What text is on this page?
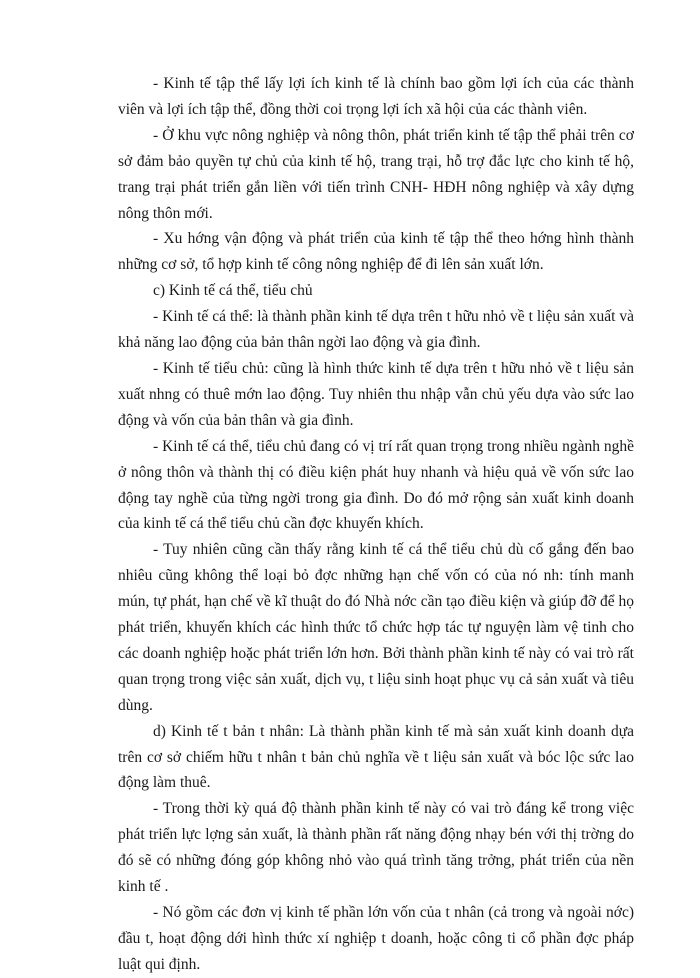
- Kinh tế tập thể lấy lợi ích kinh tế là chính bao gồm lợi ích của các thành viên và lợi ích tập thể, đồng thời coi trọng lợi ích xã hội của các thành viên.

- Ở khu vực nông nghiệp và nông thôn, phát triển kinh tế tập thể phải trên cơ sở đảm bảo quyền tự chủ của kinh tế hộ, trang trại, hỗ trợ đắc lực cho kinh tế hộ, trang trại phát triển gắn liền với tiến trình CNH- HĐH nông nghiệp và xây dựng nông thôn mới.

- Xu hớng vận động và phát triển của kinh tế tập thể theo hớng hình thành những cơ sở, tổ hợp kinh tế công nông nghiệp để đi lên sản xuất lớn.

c) Kinh tế cá thể, tiểu chủ

- Kinh tế cá thể: là thành phần kinh tế dựa trên t hữu nhỏ về t liệu sản xuất và khả năng lao động của bản thân ngời lao động và gia đình.

- Kinh tế tiểu chủ: cũng là hình thức kinh tế dựa trên t hữu nhỏ về t liệu sản xuất nhng có thuê mớn lao động. Tuy nhiên thu nhập vẫn chủ yếu dựa vào sức lao động và vốn của bản thân và gia đình.

- Kinh tế cá thể, tiểu chủ đang có vị trí rất quan trọng trong nhiều ngành nghề ở nông thôn và thành thị có điều kiện phát huy nhanh và hiệu quả về vốn sức lao động tay nghề của từng ngời trong gia đình. Do đó mở rộng sản xuất kinh doanh của kinh tế cá thể tiểu chủ cần đợc khuyến khích.

- Tuy nhiên cũng cần thấy rằng kinh tế cá thể tiểu chủ dù cố gắng đến bao nhiêu cũng không thể loại bỏ đợc những hạn chế vốn có của nó nh: tính manh mún, tự phát, hạn chế về kĩ thuật do đó Nhà nớc cần tạo điều kiện và giúp đỡ để họ phát triển, khuyến khích các hình thức tổ chức hợp tác tự nguyện làm vệ tinh cho các doanh nghiệp hoặc phát triển lớn hơn. Bởi thành phần kinh tế này có vai trò rất quan trọng trong việc sản xuất, dịch vụ, t liệu sinh hoạt phục vụ cả sản xuất và tiêu dùng.

d) Kinh tế t bản t nhân: Là thành phần kinh tế mà sản xuất kinh doanh dựa trên cơ sở chiếm hữu t nhân t bản chủ nghĩa về t liệu sản xuất và bóc lộc sức lao động làm thuê.

- Trong thời kỳ quá độ thành phần kinh tế này có vai trò đáng kể trong việc phát triển lực lợng sản xuất, là thành phần rất năng động nhạy bén với thị trờng do đó sẽ có những đóng góp không nhỏ vào quá trình tăng trởng, phát triển của nền kinh tế .

- Nó gồm các đơn vị kinh tế phần lớn vốn của t nhân (cả trong và ngoài nớc) đầu t, hoạt động dới hình thức xí nghiệp t doanh, hoặc công ti cổ phần đợc pháp luật qui định.
